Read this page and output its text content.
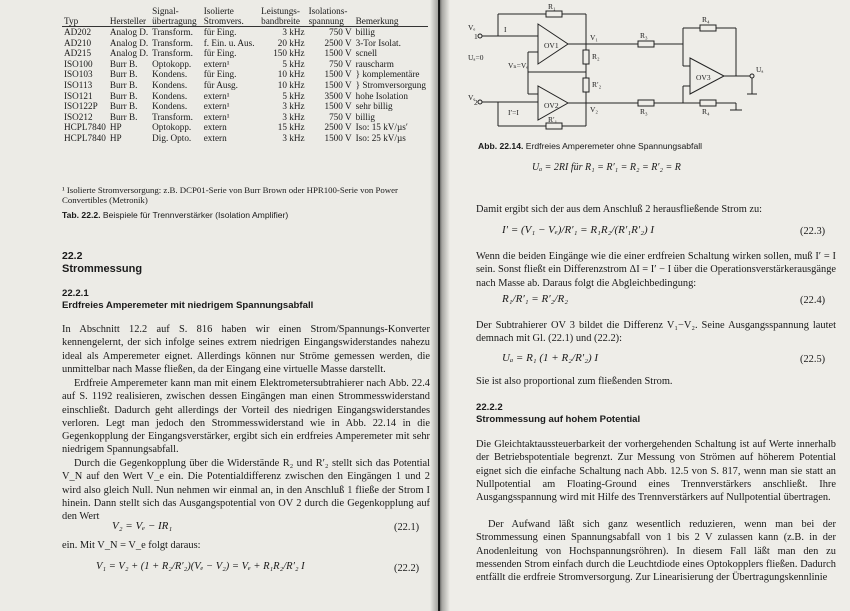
Typ	Hersteller	Signal-übertragung	Isolierte Stromvers.	Leistungs-bandbreite	Isolations-spannung	Bemerkung
AD202	Analog D.	Transform.	für Eing.	3 kHz	750 V	billig
AD210	Analog D.	Transform.	f. Ein. u. Aus.	20 kHz	2500 V	3-Tor Isolat.
AD215	Analog D.	Transform.	für Eing.	150 kHz	1500 V	scnell
ISO100	Burr B.	Optokopp.	extern¹	5 kHz	750 V	rauscharm
ISO103	Burr B.	Kondens.	für Eing.	10 kHz	1500 V	} komplementäre
ISO113	Burr B.	Kondens.	für Ausg.	10 kHz	1500 V	} Stromversorgung
ISO121	Burr B.	Kondens.	extern¹	5 kHz	3500 V	hohe Isolation
ISO122P	Burr B.	Kondens.	extern¹	3 kHz	1500 V	sehr billig
ISO212	Burr B.	Transform.	extern¹	3 kHz	750 V	billig
HCPL7840	HP	Optokopp.	extern	15 kHz	2500 V	Iso: 15 kV/µs′
HCPL7840	HP	Dig. Opto.	extern	3 kHz	1500 V	Iso: 25 kV/µs
¹ Isolierte Stromversorgung: z.B. DCP01-Serie von Burr Brown oder HPR100-Serie von Power Convertibles (Metronik)
Tab. 22.2. Beispiele für Trennverstärker (Isolation Amplifier)
22.2
Strommessung
22.2.1
Erdfreies Amperemeter mit niedrigem Spannungsabfall
In Abschnitt 12.2 auf S. 816 haben wir einen Strom/Spannungs-Konverter kennengelernt, der sich infolge seines extrem niedrigen Eingangswiderstandes nahezu ideal als Amperemeter eignet. Allerdings können nur Ströme gemessen werden, die unmittelbar nach Masse fließen, da der Eingang eine virtuelle Masse darstellt.
Erdfreie Amperemeter kann man mit einem Elektrometersubtrahierer nach Abb. 22.4 auf S. 1192 realisieren, zwischen dessen Eingängen man einen Strommesswiderstand einschließt. Dadurch geht allerdings der Vorteil des niedrigen Eingangswiderstandes verloren. Legt man jedoch den Strommesswiderstand wie in Abb. 22.14 in die Gegenkopplung der Eingangsverstärker, ergibt sich ein erdfreies Amperemeter mit sehr niedrigem Spannungsabfall.
Durch die Gegenkopplung über die Widerstände R₂ und R′₂ stellt sich das Potential V_N auf den Wert V_e ein. Die Potentialdifferenz zwischen den Eingängen 1 und 2 wird also gleich Null. Nun nehmen wir einmal an, in den Anschluß 1 fließe der Strom I hinein. Dann stellt sich das Ausgangspotential von OV 2 durch die Gegenkopplung auf den Wert
V₂ = Vₑ − IR₁	(22.1)
ein. Mit V_N = V_e folgt daraus:
V₁ = V₂ + (1 + R₂/R′₂)(Vₑ − V₂) = Vₑ + R₁R₂/R′₂ I	(22.2)
R₁
R₂
R′₂
R′₁
R₃
R₄
R₃	R₄
OV1
OV2
OV3
V₁
V₂
Vₙ=Vₑ
Uₐ=0
Uₐ
Vₑ
Vₑ
I
I′=I
1
2
Abb. 22.14. Erdfreies Amperemeter ohne Spannungsabfall
Uₐ = 2RI für R₁ = R′₁ = R₂ = R′₂ = R
Damit ergibt sich der aus dem Anschluß 2 herausfließende Strom zu:
I′ = (V₁ − Vₑ)/R′₁ = R₁R₂/(R′₁R′₂) I	(22.3)
Wenn die beiden Eingänge wie die einer erdfreien Schaltung wirken sollen, muß I′ = I sein. Sonst fließt ein Differenzstrom ΔI = I′ − I über die Operationsverstärkerausgänge nach Masse ab. Daraus folgt die Abgleichbedingung:
R₁/R′₁ = R′₂/R₂	(22.4)
Der Subtrahierer OV 3 bildet die Differenz V₁−V₂. Seine Ausgangsspannung lautet demnach mit Gl. (22.1) und (22.2):
Uₐ = R₁ (1 + R₂/R′₂) I	(22.5)
Sie ist also proportional zum fließenden Strom.
22.2.2
Strommessung auf hohem Potential
Die Gleichtaktaussteuerbarkeit der vorhergehenden Schaltung ist auf Werte innerhalb der Betriebspotentiale begrenzt. Zur Messung von Strömen auf höherem Potential eignet sich die einfache Schaltung nach Abb. 12.5 von S. 817, wenn man sie statt an Nullpotential am Floating-Ground eines Trennverstärkers anschließt. Ihre Ausgangsspannung wird mit Hilfe des Trennverstärkers auf Nullpotential übertragen.
Der Aufwand läßt sich ganz wesentlich reduzieren, wenn man bei der Strommessung einen Spannungsabfall von 1 bis 2 V zulassen kann (z.B. in der Anodenleitung von Hochspannungsröhren). In diesem Fall läßt man den zu messenden Strom einfach durch die Leuchtdiode eines Optokopplers fließen. Dadurch entfällt die erdfreie Stromversorgung. Zur Linearisierung der Übertragungskennlinie
